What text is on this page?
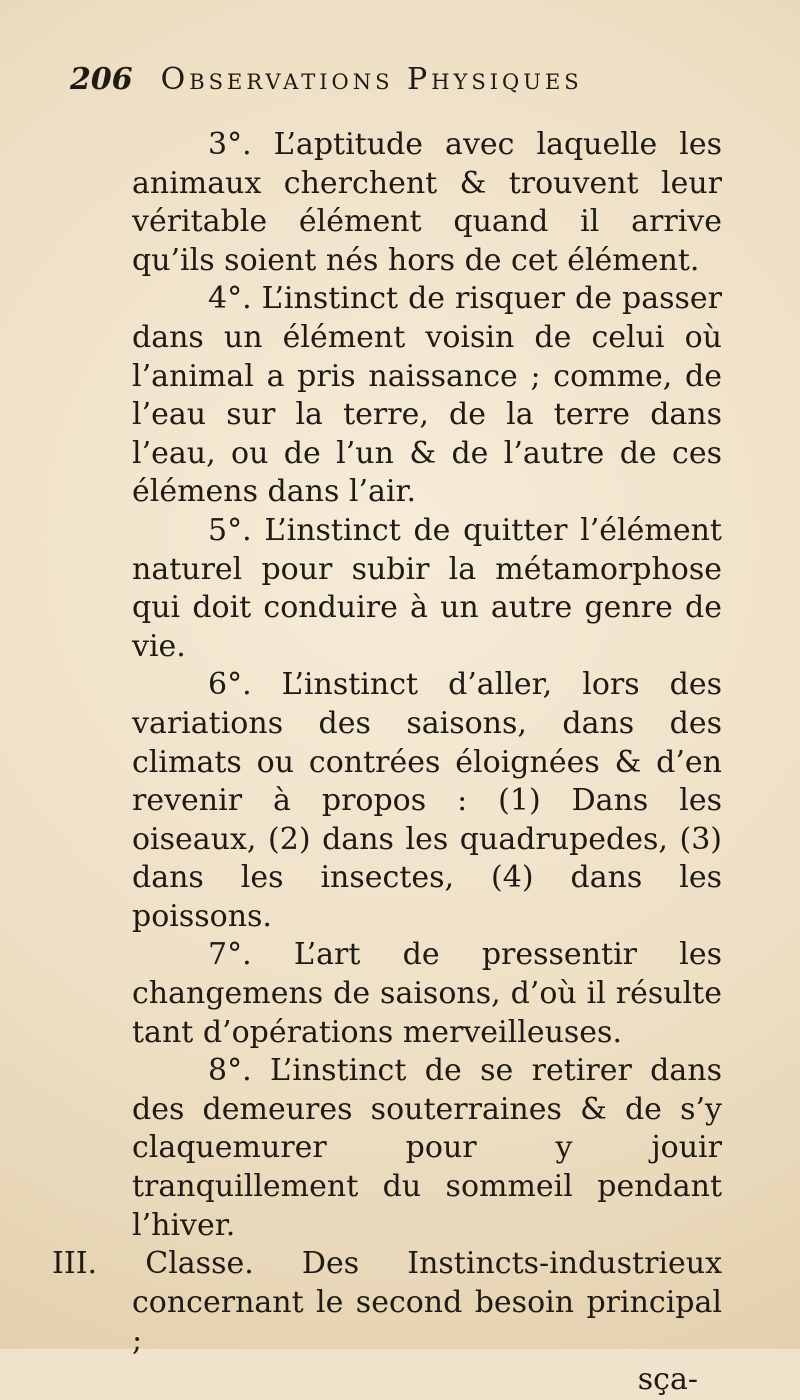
206 Observations Physiques

3°. L’aptitude avec laquelle les animaux cherchent & trouvent leur véritable élément quand il arrive qu’ils soient nés hors de cet élément.

4°. L’instinct de risquer de passer dans un élément voisin de celui où l’animal a pris naissance ; comme, de l’eau sur la terre, de la terre dans l’eau, ou de l’un & de l’autre de ces élémens dans l’air.

5°. L’instinct de quitter l’élément naturel pour subir la métamorphose qui doit conduire à un autre genre de vie.

6°. L’instinct d’aller, lors des variations des saisons, dans des climats ou contrées éloignées & d’en revenir à propos : (1) Dans les oiseaux, (2) dans les quadrupedes, (3) dans les insectes, (4) dans les poissons.

7°. L’art de pressentir les changemens de saisons, d’où il résulte tant d’opérations merveilleuses.

8°. L’instinct de se retirer dans des demeures souterraines & de s’y claquemurer pour y jouir tranquillement du sommeil pendant l’hiver.

III. Classe. Des Instincts-industrieux concernant le second besoin principal ;

sça-
